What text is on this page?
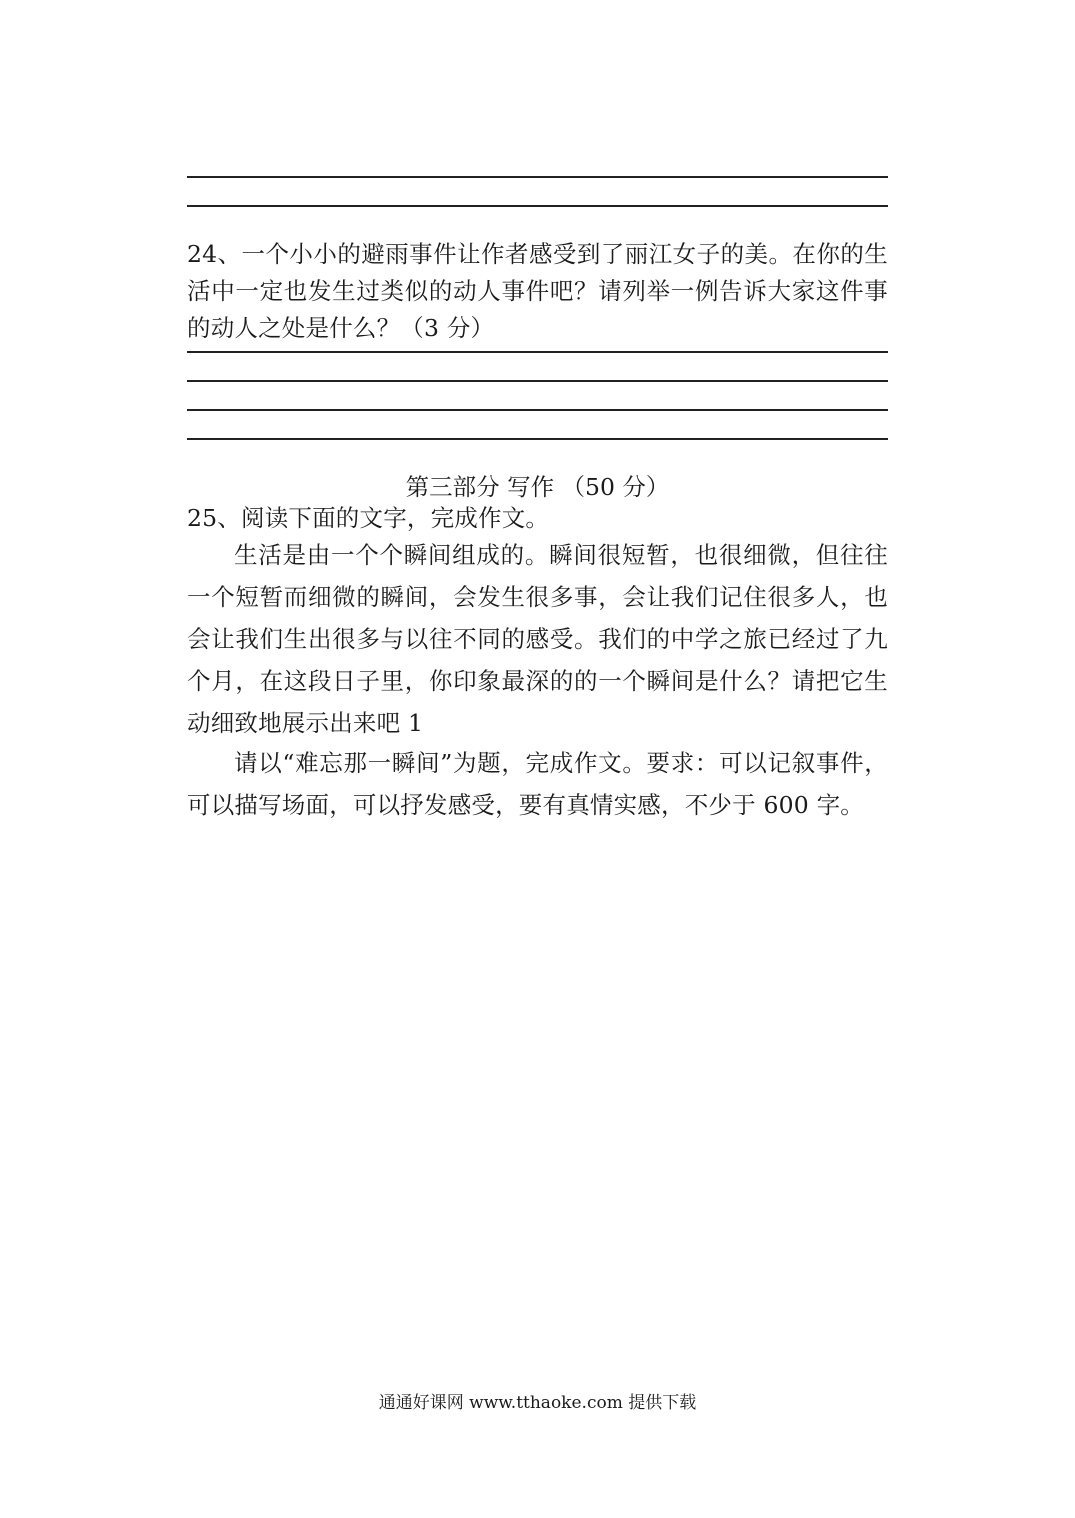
24、一个小小的避雨事件让作者感受到了丽江女子的美。在你的生活中一定也发生过类似的动人事件吧？请列举一例告诉大家这件事的动人之处是什么？（3 分）
第三部分 写作 （50 分）
25、阅读下面的文字，完成作文。
生活是由一个个瞬间组成的。瞬间很短暂，也很细微，但往往一个短暂而细微的瞬间，会发生很多事，会让我们记住很多人，也会让我们生出很多与以往不同的感受。我们的中学之旅已经过了九个月，在这段日子里，你印象最深的的一个瞬间是什么？请把它生动细致地展示出来吧 1
请以“难忘那一瞬间”为题，完成作文。要求：可以记叙事件，可以描写场面，可以抒发感受，要有真情实感，不少于 600 字。
通通好课网 www.tthaoke.com 提供下载
